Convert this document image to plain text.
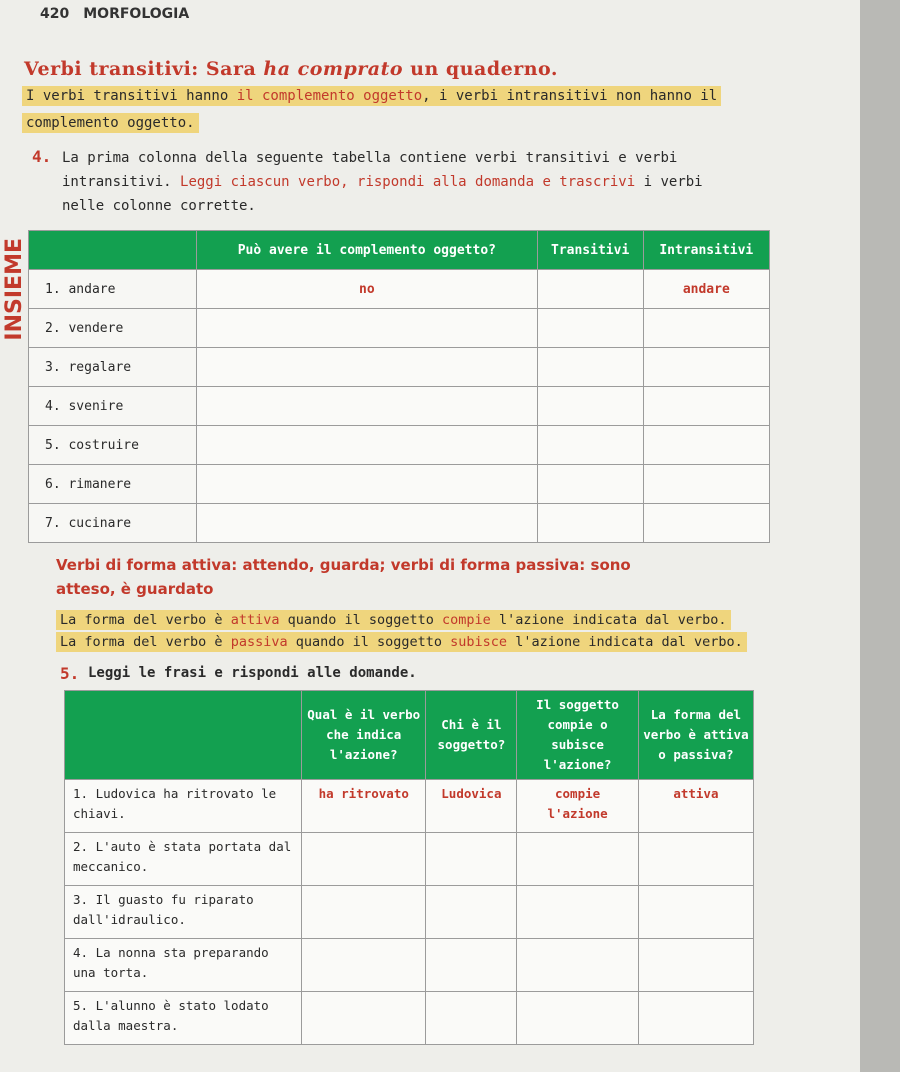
420 MORFOLOGIA
INSIEME
Verbi transitivi: Sara ha comprato un quaderno.
I verbi transitivi hanno il complemento oggetto, i verbi intransitivi non hanno il
complemento oggetto.
4. La prima colonna della seguente tabella contiene verbi transitivi e verbi
intransitivi. Leggi ciascun verbo, rispondi alla domanda e trascrivi i verbi
nelle colonne corrette.
	Può avere il complemento oggetto?	Transitivi	Intransitivi
1. andare	no		andare
2. vendere			
3. regalare			
4. svenire			
5. costruire			
6. rimanere			
7. cucinare			
Verbi di forma attiva: attendo, guarda; verbi di forma passiva: sono
atteso, è guardato
La forma del verbo è attiva quando il soggetto compie l'azione indicata dal verbo.
La forma del verbo è passiva quando il soggetto subisce l'azione indicata dal verbo.
5. Leggi le frasi e rispondi alle domande.
	Qual è il verbo che indica l'azione?	Chi è il soggetto?	Il soggetto compie o subisce l'azione?	La forma del verbo è attiva o passiva?
1. Ludovica ha ritrovato le chiavi.	ha ritrovato	Ludovica	compie l'azione	attiva
2. L'auto è stata portata dal meccanico.				
3. Il guasto fu riparato dall'idraulico.				
4. La nonna sta preparando una torta.				
5. L'alunno è stato lodato dalla maestra.				
